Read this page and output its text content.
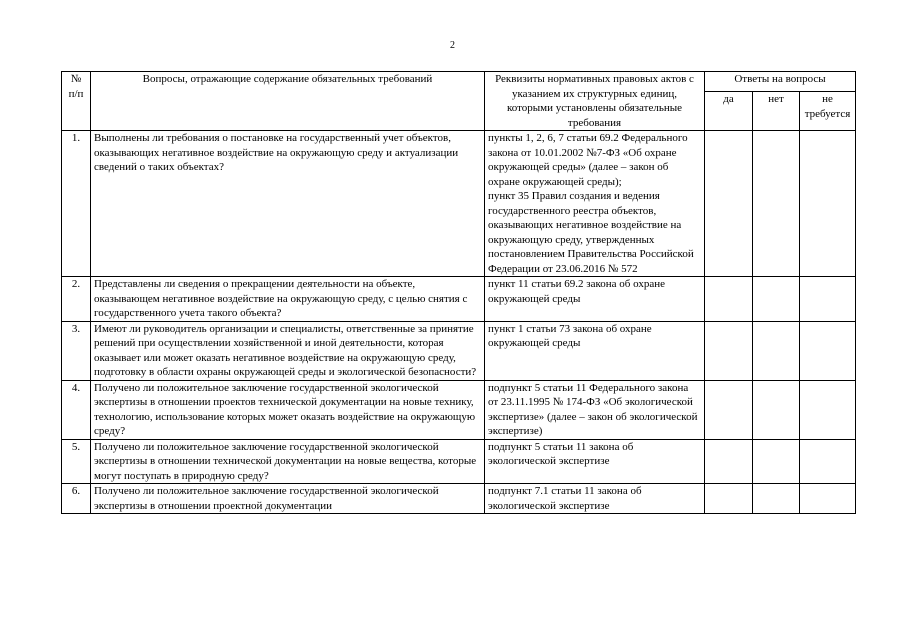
2
№ п/п	Вопросы, отражающие содержание обязательных требований	Реквизиты нормативных правовых актов с указанием их структурных единиц, которыми установлены обязательные требования	Ответы на вопросы		
			да	нет	не требуется
1.	Выполнены ли требования о постановке на государственный учет объектов, оказывающих негативное воздействие на окружающую среду и актуализации сведений о таких объектах?	пункты 1, 2, 6, 7 статьи 69.2 Федерального закона от 10.01.2002 №7-ФЗ «Об охране окружающей среды» (далее – закон об охране окружающей среды);
пункт 35 Правил создания и ведения государственного реестра объектов, оказывающих негативное воздействие на окружающую среду, утвержденных постановлением Правительства Российской Федерации от 23.06.2016 № 572			

2.	Представлены ли сведения о прекращении деятельности на объекте, оказывающем негативное воздействие на окружающую среду, с целью снятия с государственного учета такого объекта?	пункт 11 статьи 69.2 закона об охране окружающей среды			

3.	Имеют ли руководитель организации и специалисты, ответственные за принятие решений при осуществлении хозяйственной и иной деятельности, которая оказывает или может оказать негативное воздействие на окружающую среду, подготовку в области охраны окружающей среды и экологической безопасности?	пункт 1 статьи 73 закона об охране окружающей среды			

4.	Получено ли положительное заключение государственной экологической экспертизы в отношении проектов технической документации на новые технику, технологию, использование которых может оказать воздействие на окружающую среду?	подпункт 5 статьи 11 Федерального закона от 23.11.1995 № 174-ФЗ «Об экологической экспертизе» (далее – закон об экологической экспертизе)			

5.	Получено ли положительное заключение государственной экологической экспертизы в отношении технической документации на новые вещества, которые могут поступать в природную среду?	подпункт 5 статьи 11 закона об экологической экспертизе			

6.	Получено ли положительное заключение государственной экологической экспертизы в отношении проектной документации	подпункт 7.1 статьи 11 закона об экологической экспертизе			
